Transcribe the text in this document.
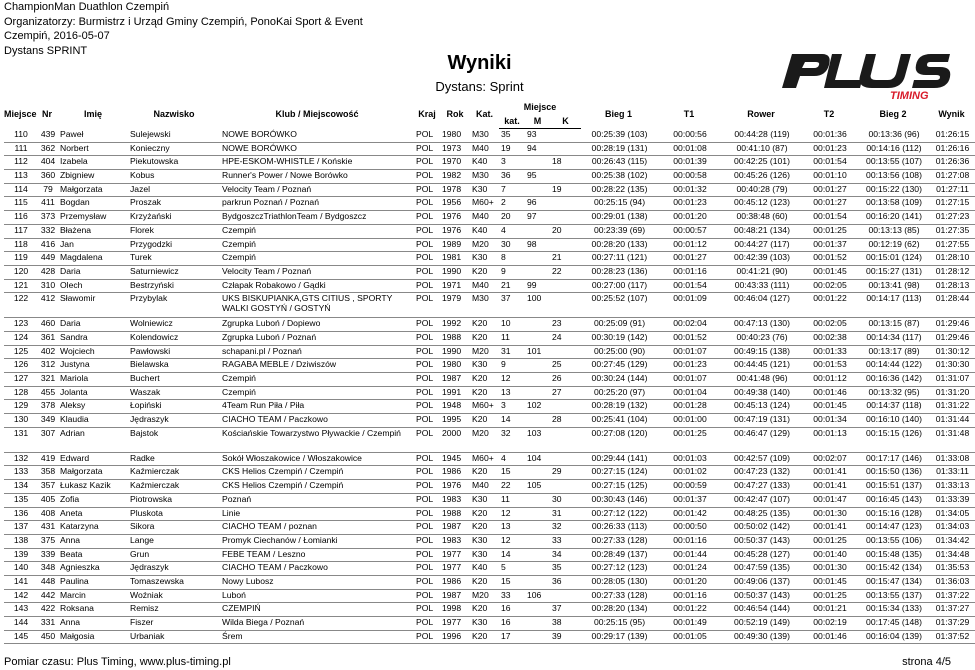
ChampionMan Duathlon Czempiń
Organizatorzy: Burmistrz i Urząd Gminy Czempiń, PonoKai Sport & Event
Czempiń, 2016-05-07
Dystans SPRINT
Wyniki
Dystans: Sprint
TIMING
Miejsce	Nr	Imię	Nazwisko	Klub / Miejscowość	Kraj	Rok	Kat.	Miejsce			Bieg 1	T1	Rower	T2	Bieg 2	Wynik
								kat.	M	K						
110	439	Paweł	Sulejewski	NOWE BORÓWKO	POL	1980	M30	35	93		00:25:39 (103)	00:00:56	00:44:28 (119)	00:01:36	00:13:36 (96)	01:26:15
111	362	Norbert	Konieczny	NOWE BORÓWKO	POL	1973	M40	19	94		00:28:19 (131)	00:01:08	00:41:10 (87)	00:01:23	00:14:16 (112)	01:26:16
112	404	Izabela	Piekutowska	HPE-ESKOM-WHISTLE / Końskie	POL	1970	K40	3		18	00:26:43 (115)	00:01:39	00:42:25 (101)	00:01:54	00:13:55 (107)	01:26:36
113	360	Zbigniew	Kobus	Runner's Power / Nowe Borówko	POL	1982	M30	36	95		00:25:38 (102)	00:00:58	00:45:26 (126)	00:01:10	00:13:56 (108)	01:27:08
114	79	Małgorzata	Jazel	Velocity Team / Poznań	POL	1978	K30	7		19	00:28:22 (135)	00:01:32	00:40:28 (79)	00:01:27	00:15:22 (130)	01:27:11
115	411	Bogdan	Proszak	parkrun Poznań / Poznań	POL	1956	M60+	2	96		00:25:15 (94)	00:01:23	00:45:12 (123)	00:01:27	00:13:58 (109)	01:27:15
116	373	Przemysław	Krzyżański	BydgoszczTriathlonTeam / Bydgoszcz	POL	1976	M40	20	97		00:29:01 (138)	00:01:20	00:38:48 (60)	00:01:54	00:16:20 (141)	01:27:23
117	332	Błażena	Florek	Czempiń	POL	1976	K40	4		20	00:23:39 (69)	00:00:57	00:48:21 (134)	00:01:25	00:13:13 (85)	01:27:35
118	416	Jan	Przygodzki	Czempiń	POL	1989	M20	30	98		00:28:20 (133)	00:01:12	00:44:27 (117)	00:01:37	00:12:19 (62)	01:27:55
119	449	Magdalena	Turek	Czempiń	POL	1981	K30	8		21	00:27:11 (121)	00:01:27	00:42:39 (103)	00:01:52	00:15:01 (124)	01:28:10
120	428	Daria	Saturniewicz	Velocity Team / Poznań	POL	1990	K20	9		22	00:28:23 (136)	00:01:16	00:41:21 (90)	00:01:45	00:15:27 (131)	01:28:12
121	310	Olech	Bestrzyński	Człapak Robakowo / Gądki	POL	1971	M40	21	99		00:27:00 (117)	00:01:54	00:43:33 (111)	00:02:05	00:13:41 (98)	01:28:13
122	412	Sławomir	Przybylak	UKS BISKUPIANKA,GTS CITIUS , SPORTY WALKI GOSTYŃ / GOSTYŃ	POL	1979	M30	37	100		00:25:52 (107)	00:01:09	00:46:04 (127)	00:01:22	00:14:17 (113)	01:28:44
123	460	Daria	Wolniewicz	Zgrupka Luboń / Dopiewo	POL	1992	K20	10		23	00:25:09 (91)	00:02:04	00:47:13 (130)	00:02:05	00:13:15 (87)	01:29:46
124	361	Sandra	Kolendowicz	Zgrupka Luboń / Poznań	POL	1988	K20	11		24	00:30:19 (142)	00:01:52	00:40:23 (76)	00:02:38	00:14:34 (117)	01:29:46
125	402	Wojciech	Pawłowski	schapani.pl / Poznań	POL	1990	M20	31	101		00:25:00 (90)	00:01:07	00:49:15 (138)	00:01:33	00:13:17 (89)	01:30:12
126	312	Justyna	Bielawska	RAGABA MEBLE / Dziwiszów	POL	1980	K30	9		25	00:27:45 (129)	00:01:23	00:44:45 (121)	00:01:53	00:14:44 (122)	01:30:30
127	321	Mariola	Buchert	Czempiń	POL	1987	K20	12		26	00:30:24 (144)	00:01:07	00:41:48 (96)	00:01:12	00:16:36 (142)	01:31:07
128	455	Jolanta	Waszak	Czempiń	POL	1991	K20	13		27	00:25:20 (97)	00:01:04	00:49:38 (140)	00:01:46	00:13:32 (95)	01:31:20
129	378	Aleksy	Łopiński	4Team Run Piła / Piła	POL	1948	M60+	3	102		00:28:19 (132)	00:01:28	00:45:13 (124)	00:01:45	00:14:37 (118)	01:31:22
130	349	Klaudia	Jędraszyk	CIACHO TEAM / Paczkowo	POL	1995	K20	14		28	00:25:41 (104)	00:01:00	00:47:19 (131)	00:01:34	00:16:10 (140)	01:31:44
131	307	Adrian	Bajstok	Kościańskie Towarzystwo Pływackie / Czempiń	POL	2000	M20	32	103		00:27:08 (120)	00:01:25	00:46:47 (129)	00:01:13	00:15:15 (126)	01:31:48
132	419	Edward	Radke	Sokół Włoszakowice / Włoszakowice	POL	1945	M60+	4	104		00:29:44 (141)	00:01:03	00:42:57 (109)	00:02:07	00:17:17 (146)	01:33:08
133	358	Małgorzata	Kaźmierczak	CKS Helios Czempiń / Czempiń	POL	1986	K20	15		29	00:27:15 (124)	00:01:02	00:47:23 (132)	00:01:41	00:15:50 (136)	01:33:11
134	357	Łukasz Kazik	Kaźmierczak	CKS Helios Czempiń / Czempiń	POL	1976	M40	22	105		00:27:15 (125)	00:00:59	00:47:27 (133)	00:01:41	00:15:51 (137)	01:33:13
135	405	Zofia	Piotrowska	Poznań	POL	1983	K30	11		30	00:30:43 (146)	00:01:37	00:42:47 (107)	00:01:47	00:16:45 (143)	01:33:39
136	408	Aneta	Pluskota	Linie	POL	1988	K20	12		31	00:27:12 (122)	00:01:42	00:48:25 (135)	00:01:30	00:15:16 (128)	01:34:05
137	431	Katarzyna	Sikora	CIACHO TEAM / poznan	POL	1987	K20	13		32	00:26:33 (113)	00:00:50	00:50:02 (142)	00:01:41	00:14:47 (123)	01:34:03
138	375	Anna	Lange	Promyk Ciechanów / Łomianki	POL	1983	K30	12		33	00:27:33 (128)	00:01:16	00:50:37 (143)	00:01:25	00:13:55 (106)	01:34:42
139	339	Beata	Grun	FEBE TEAM / Leszno	POL	1977	K30	14		34	00:28:49 (137)	00:01:44	00:45:28 (127)	00:01:40	00:15:48 (135)	01:34:48
140	348	Agnieszka	Jędraszyk	CIACHO TEAM / Paczkowo	POL	1977	K40	5		35	00:27:12 (123)	00:01:24	00:47:59 (135)	00:01:30	00:15:42 (134)	01:35:53
141	448	Paulina	Tomaszewska	Nowy Lubosz	POL	1986	K20	15		36	00:28:05 (130)	00:01:20	00:49:06 (137)	00:01:45	00:15:47 (134)	01:36:03
142	442	Marcin	Woźniak	Luboń	POL	1987	M20	33	106		00:27:33 (128)	00:01:16	00:50:37 (143)	00:01:25	00:13:55 (137)	01:37:22
143	422	Roksana	Remisz	CZEMPIŃ	POL	1998	K20	16		37	00:28:20 (134)	00:01:22	00:46:54 (144)	00:01:21	00:15:34 (133)	01:37:27
144	331	Anna	Fiszer	Wilda Biega / Poznań	POL	1977	K30	16		38	00:25:15 (95)	00:01:49	00:52:19 (149)	00:02:19	00:17:45 (148)	01:37:29
145	450	Małgosia	Urbaniak	Śrem	POL	1996	K20	17		39	00:29:17 (139)	00:01:05	00:49:30 (139)	00:01:46	00:16:04 (139)	01:37:52
Pomiar czasu: Plus Timing, www.plus-timing.pl	strona 4/5
